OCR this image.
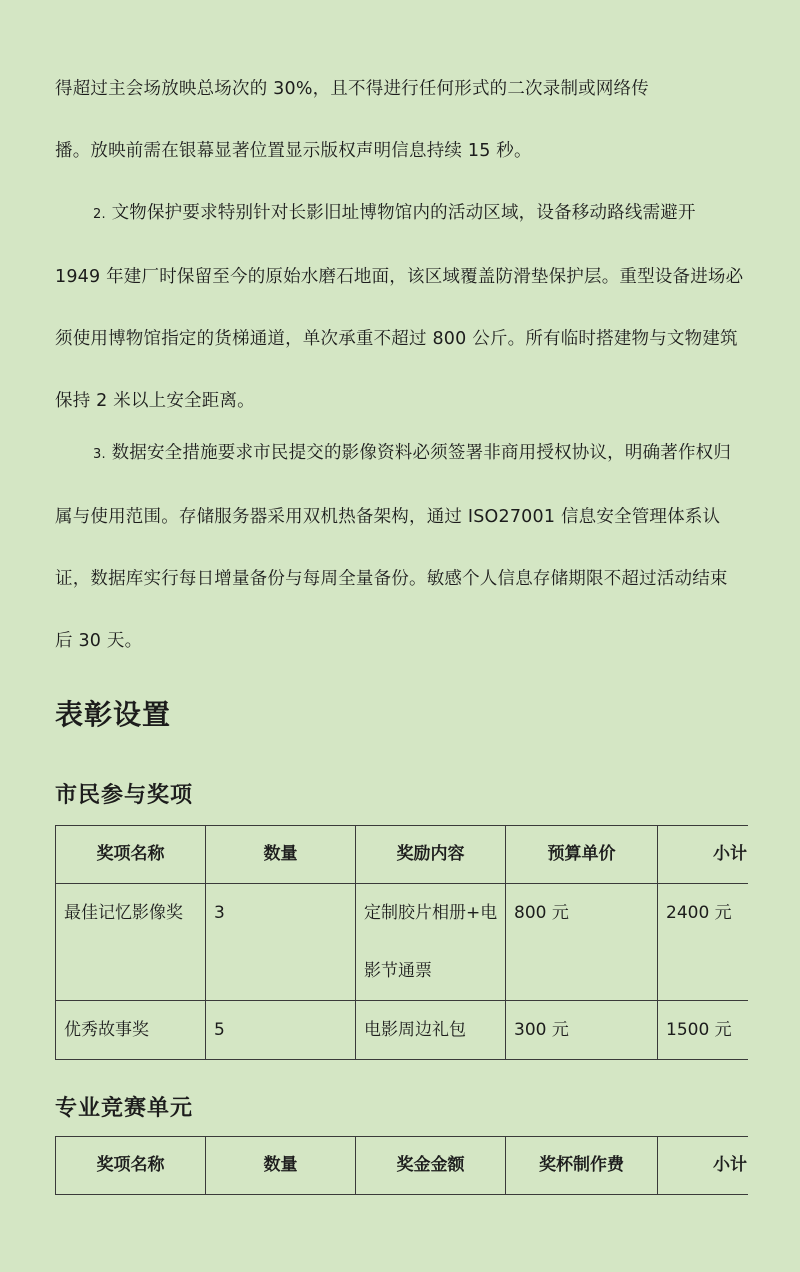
得超过主会场放映总场次的 30%，且不得进行任何形式的二次录制或网络传
播。放映前需在银幕显著位置显示版权声明信息持续 15 秒。

2. 文物保护要求特别针对长影旧址博物馆内的活动区域，设备移动路线需避开 1949 年建厂时保留至今的原始水磨石地面，该区域覆盖防滑垫保护层。重型设备进场必须使用博物馆指定的货梯通道，单次承重不超过 800 公斤。所有临时搭建物与文物建筑保持 2 米以上安全距离。

3. 数据安全措施要求市民提交的影像资料必须签署非商用授权协议，明确著作权归属与使用范围。存储服务器采用双机热备架构，通过 ISO27001 信息安全管理体系认证，数据库实行每日增量备份与每周全量备份。敏感个人信息存储期限不超过活动结束后 30 天。

表彰设置
市民参与奖项
奖项名称	数量	奖励内容	预算单价	小计
最佳记忆影像奖	3	定制胶片相册+电影节通票	800 元	2400 元
优秀故事奖	5	电影周边礼包	300 元	1500 元
专业竞赛单元
奖项名称	数量	奖金金额	奖杯制作费	小计
